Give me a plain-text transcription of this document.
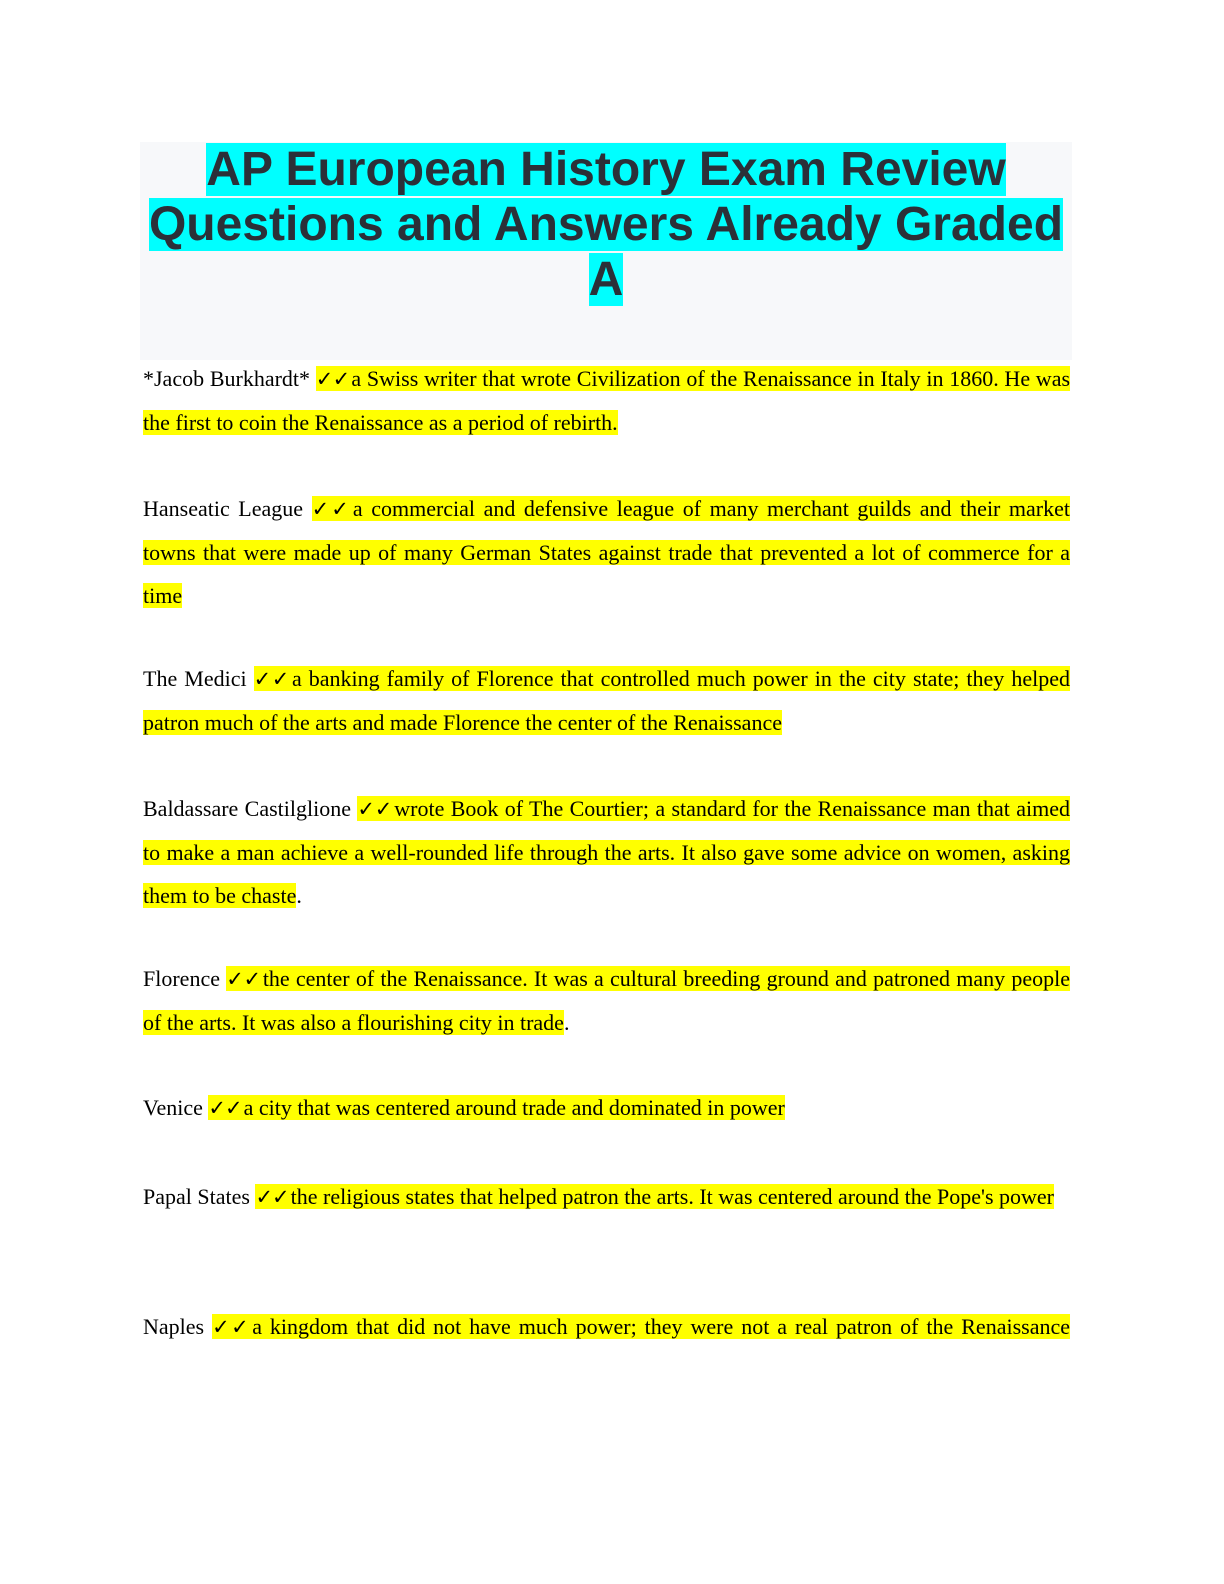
AP European History Exam Review
Questions and Answers Already Graded
A

*Jacob Burkhardt* ✓✓a Swiss writer that wrote Civilization of the Renaissance in Italy in 1860. He was the first to coin the Renaissance as a period of rebirth.

Hanseatic League ✓✓a commercial and defensive league of many merchant guilds and their market towns that were made up of many German States against trade that prevented a lot of commerce for a time

The Medici ✓✓a banking family of Florence that controlled much power in the city state; they helped patron much of the arts and made Florence the center of the Renaissance

Baldassare Castilglione ✓✓wrote Book of The Courtier; a standard for the Renaissance man that aimed to make a man achieve a well-rounded life through the arts. It also gave some advice on women, asking them to be chaste.

Florence ✓✓the center of the Renaissance. It was a cultural breeding ground and patroned many people of the arts. It was also a flourishing city in trade.

Venice ✓✓a city that was centered around trade and dominated in power

Papal States ✓✓the religious states that helped patron the arts. It was centered around the Pope's power

Naples ✓✓a kingdom that did not have much power; they were not a real patron of the Renaissance
